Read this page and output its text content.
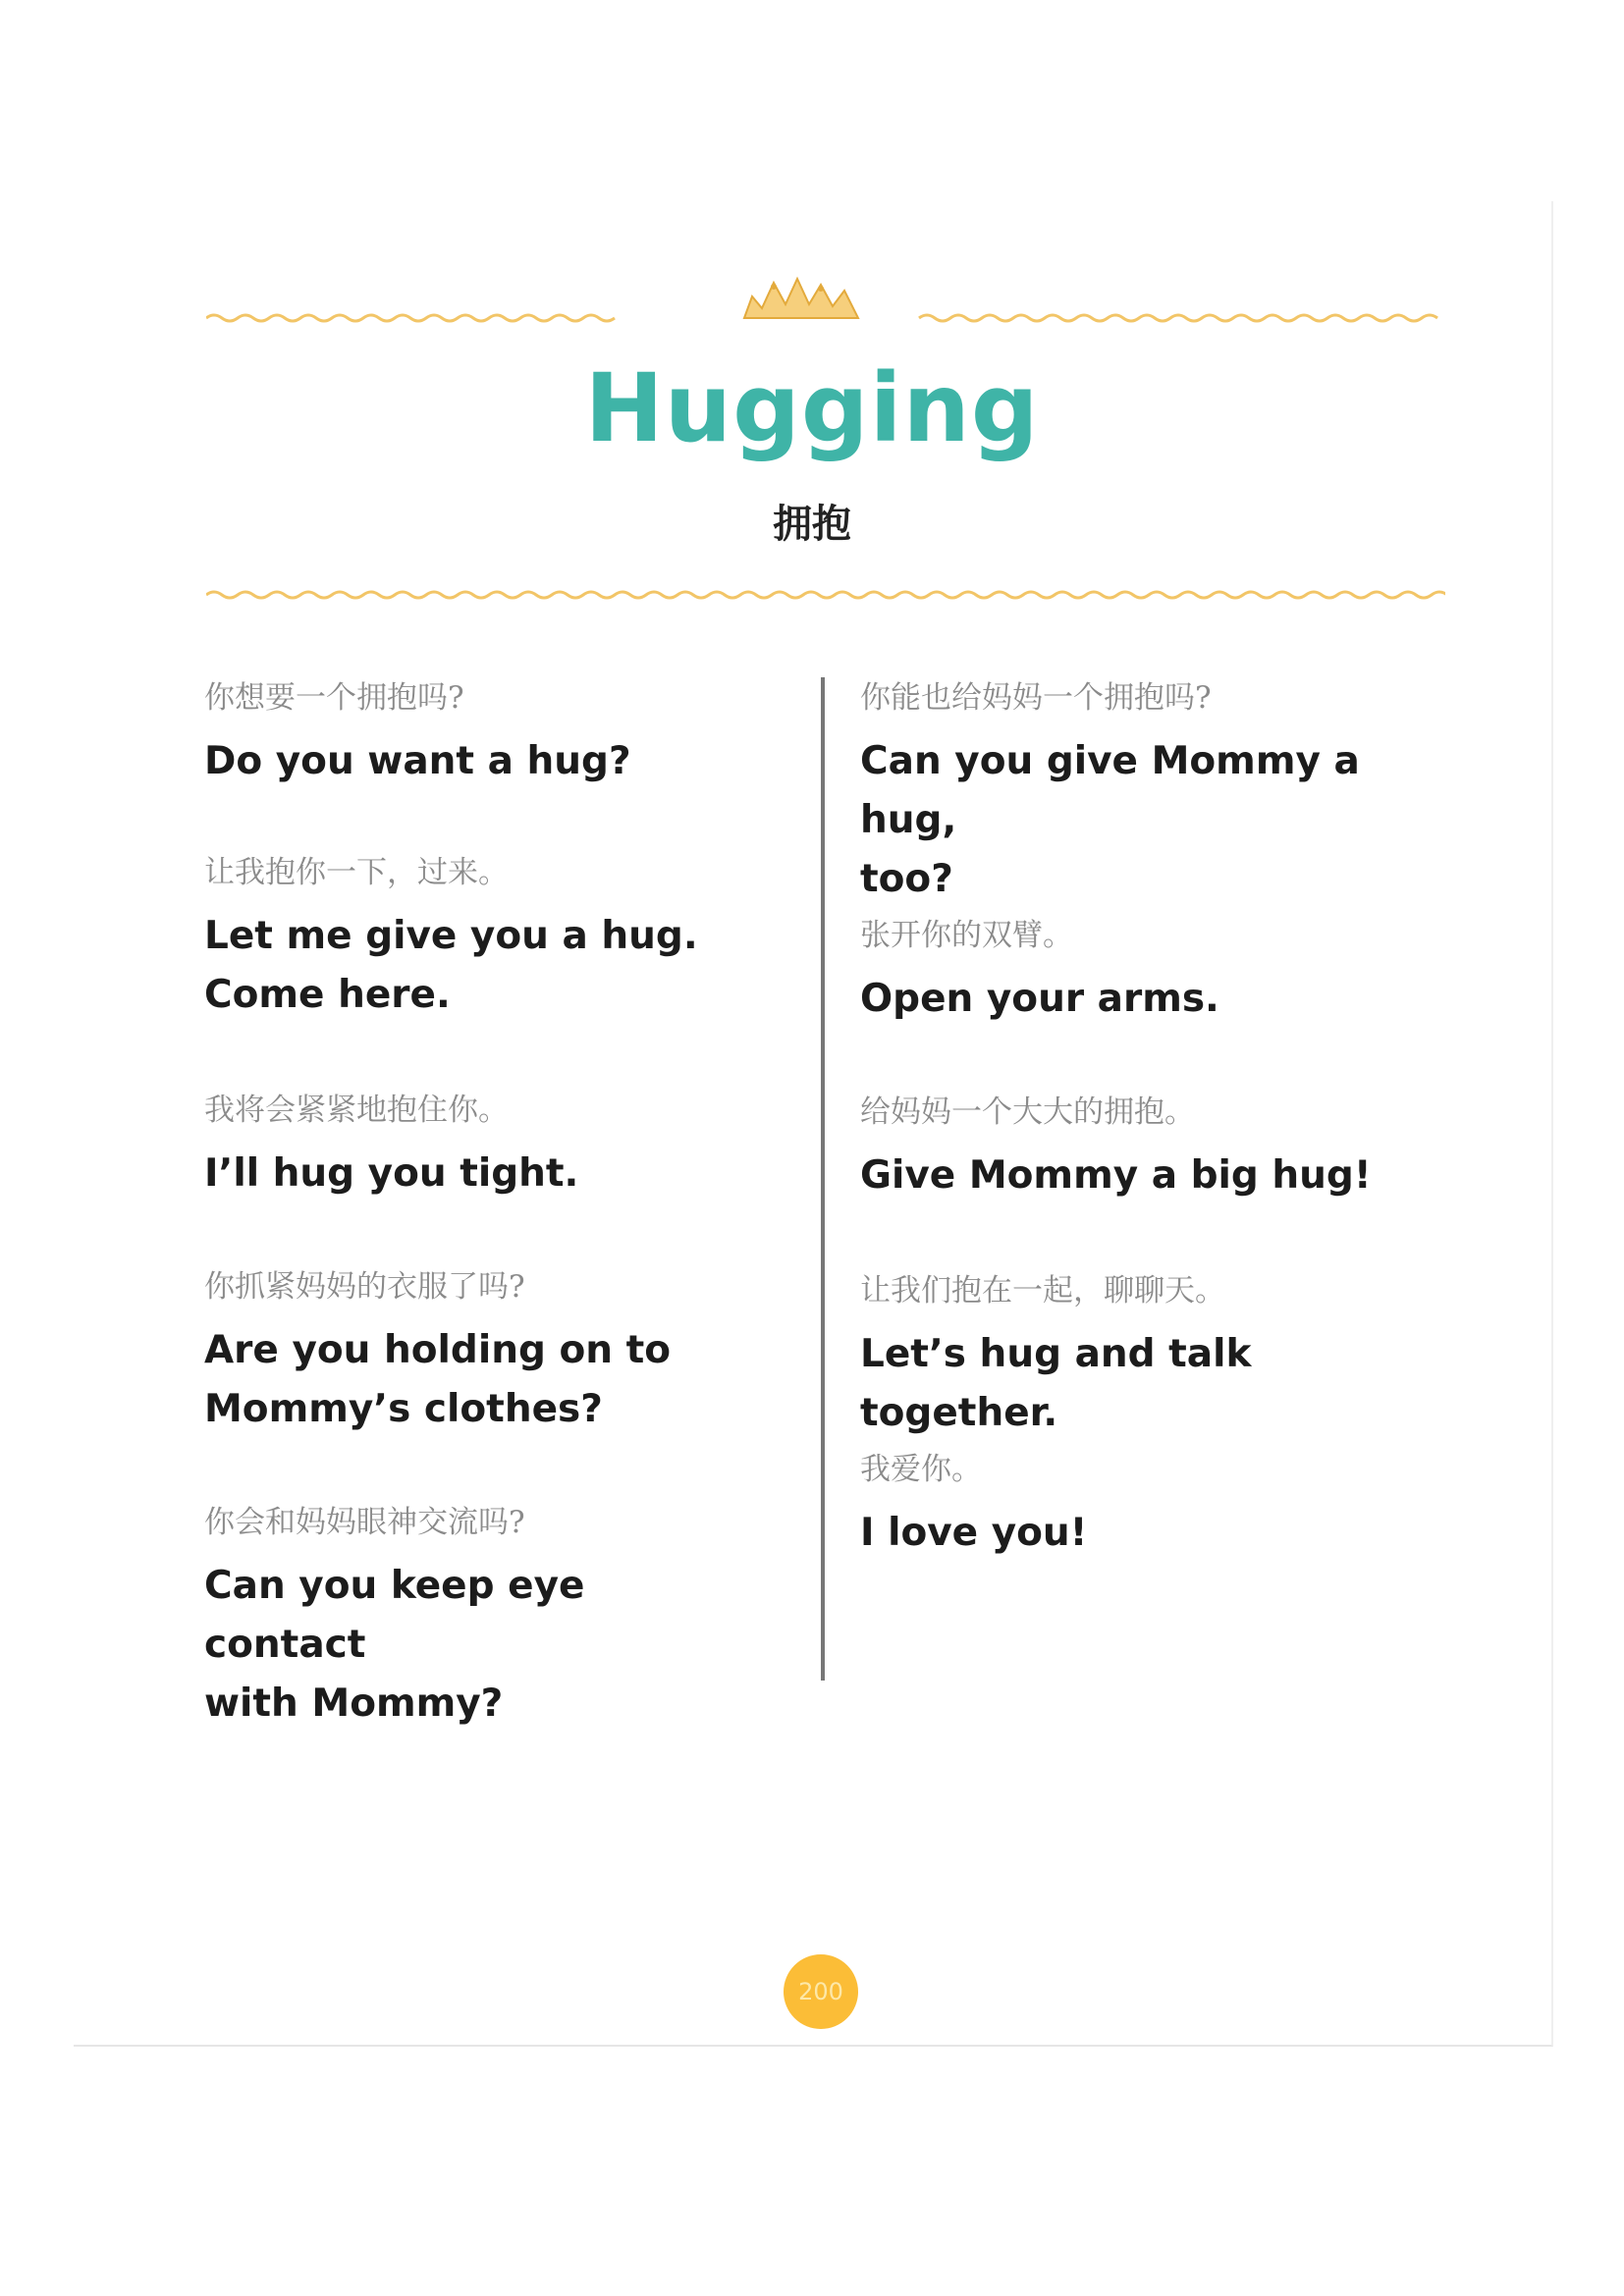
Hugging
拥抱
你想要一个拥抱吗?
Do you want a hug?
让我抱你一下，过来。
Let me give you a hug.
Come here.
我将会紧紧地抱住你。
I’ll hug you tight.
你抓紧妈妈的衣服了吗?
Are you holding on to
Mommy’s clothes?
你会和妈妈眼神交流吗?
Can you keep eye contact
with Mommy?
你能也给妈妈一个拥抱吗?
Can you give Mommy a hug,
too?
张开你的双臂。
Open your arms.
给妈妈一个大大的拥抱。
Give Mommy a big hug!
让我们抱在一起，聊聊天。
Let’s hug and talk together.
我爱你。
I love you!
200
